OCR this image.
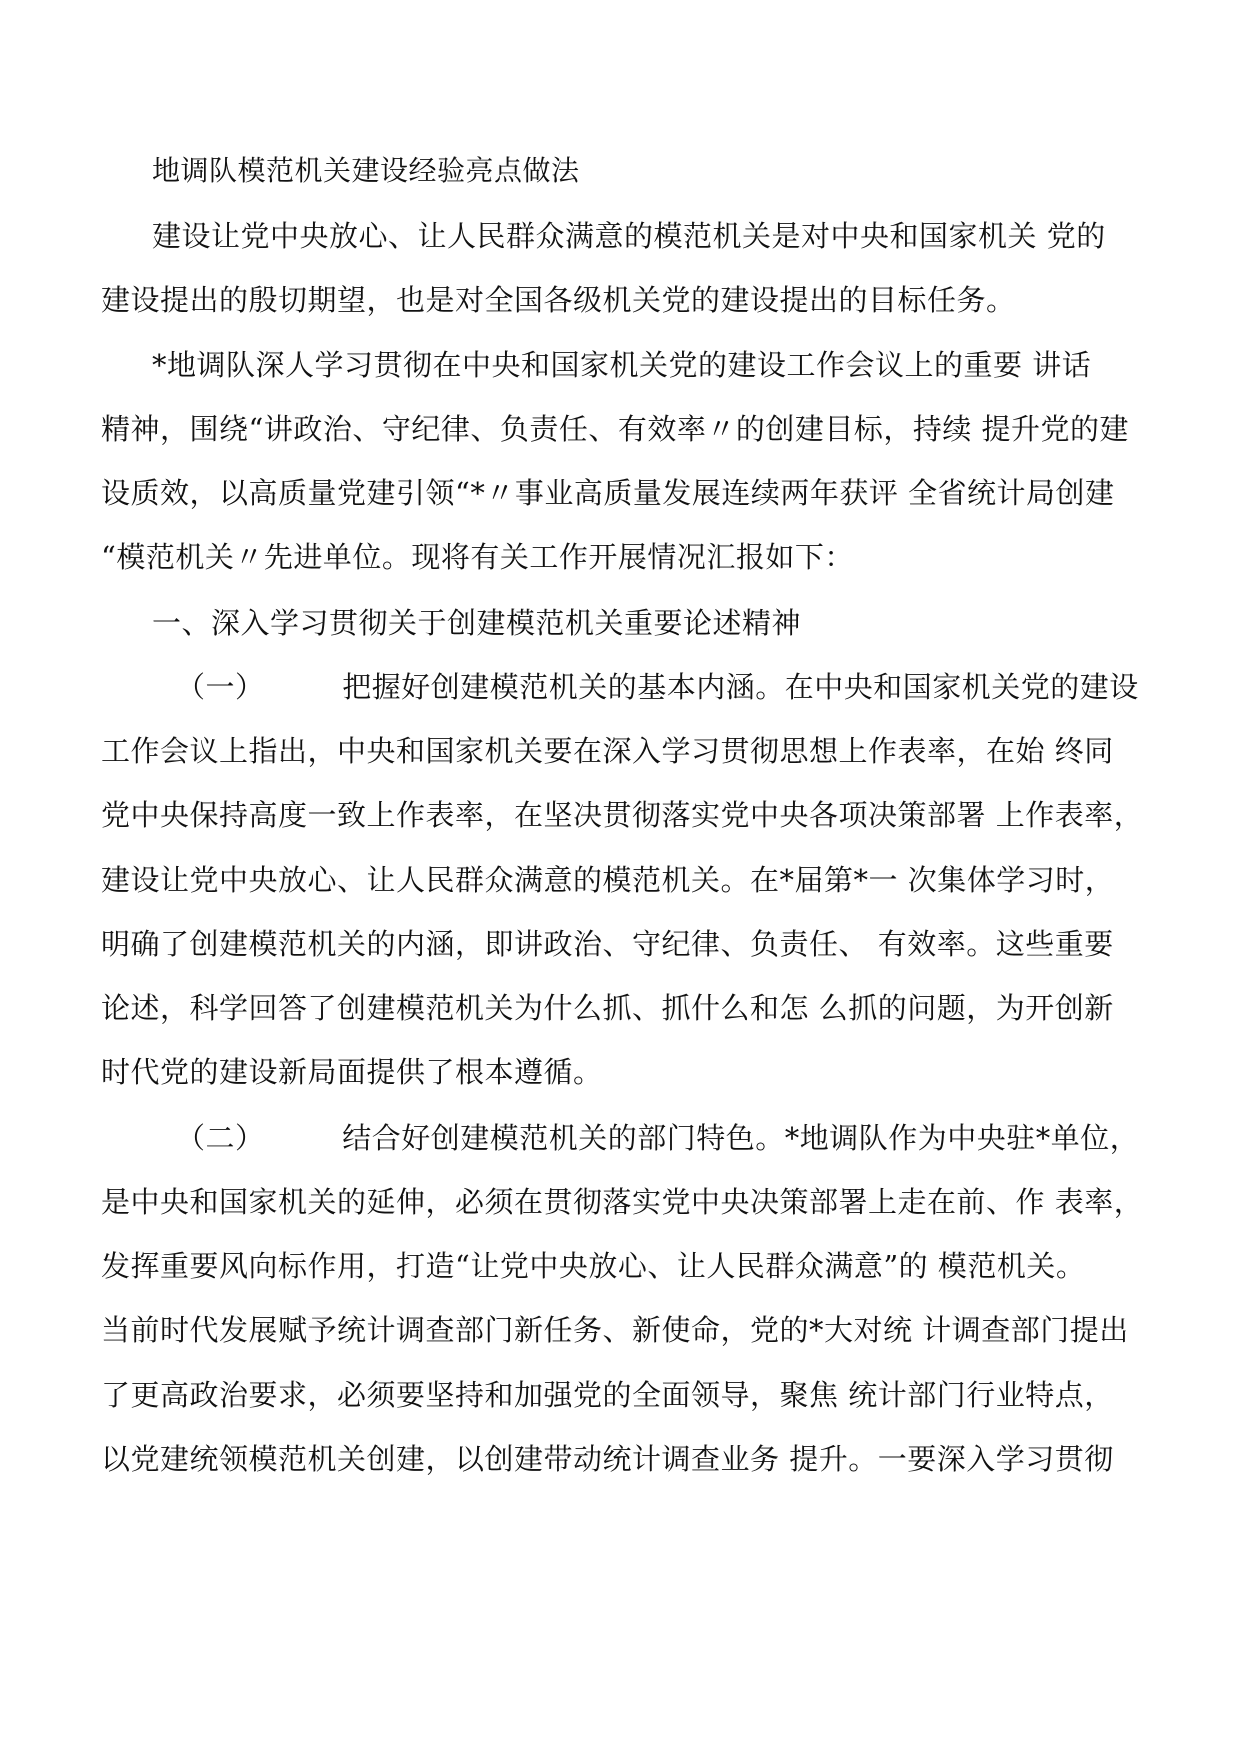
地调队模范机关建设经验亮点做法
建设让党中央放心、让人民群众满意的模范机关是对中央和国家机关 党的
建设提出的殷切期望，也是对全国各级机关党的建设提出的目标任务。
*地调队深人学习贯彻在中央和国家机关党的建设工作会议上的重要 讲话
精神，围绕“讲政治、守纪律、负责任、有效率〃的创建目标，持续 提升党的建
设质效，以高质量党建引领“*〃事业高质量发展连续两年获评 全省统计局创建
“模范机关〃先进单位。现将有关工作开展情况汇报如下：
一、深入学习贯彻关于创建模范机关重要论述精神
（一）        把握好创建模范机关的基本内涵。在中央和国家机关党的建设
工作会议上指出，中央和国家机关要在深入学习贯彻思想上作表率，在始 终同
党中央保持高度一致上作表率，在坚决贯彻落实党中央各项决策部署 上作表率，
建设让党中央放心、让人民群众满意的模范机关。在*届第*一 次集体学习时，
明确了创建模范机关的内涵，即讲政治、守纪律、负责任、 有效率。这些重要
论述，科学回答了创建模范机关为什么抓、抓什么和怎 么抓的问题，为开创新
时代党的建设新局面提供了根本遵循。
（二）        结合好创建模范机关的部门特色。*地调队作为中央驻*单位，
是中央和国家机关的延伸，必须在贯彻落实党中央决策部署上走在前、作 表率，
发挥重要风向标作用，打造“让党中央放心、让人民群众满意”的 模范机关。
当前时代发展赋予统计调查部门新任务、新使命，党的*大对统 计调查部门提出
了更高政治要求，必须要坚持和加强党的全面领导，聚焦 统计部门行业特点，
以党建统领模范机关创建，以创建带动统计调查业务 提升。一要深入学习贯彻
